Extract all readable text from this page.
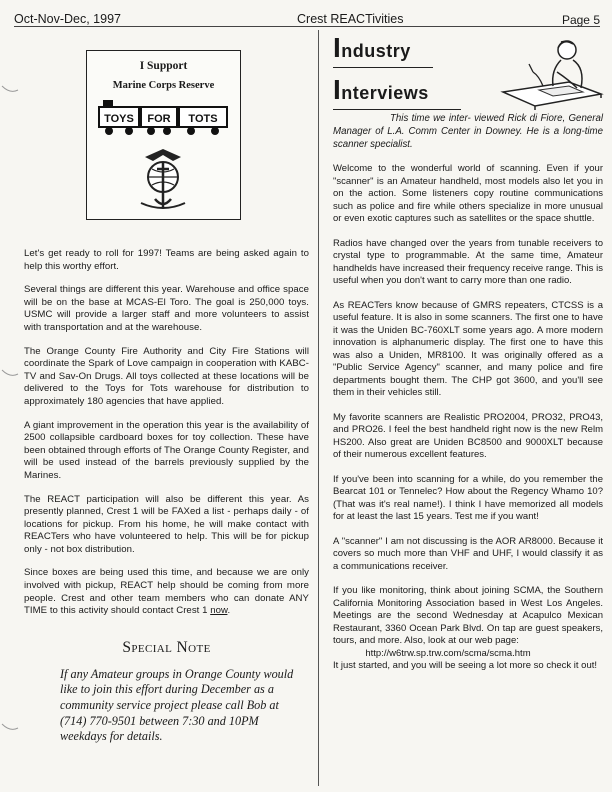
Oct-Nov-Dec, 1997	Crest REACTivities	Page 5
I Support
Marine Corps Reserve
TOYS FOR TOTS

Let's get ready to roll for 1997! Teams are being asked again to help this worthy effort.

Several things are different this year. Warehouse and office space will be on the base at MCAS-El Toro. The goal is 250,000 toys. USMC will provide a larger staff and more volunteers to assist with transportation and at the warehouse.

The Orange County Fire Authority and City Fire Stations will coordinate the Spark of Love campaign in cooperation with KABC-TV and Sav-On Drugs. All toys collected at these locations will be delivered to the Toys for Tots warehouse for distribution to approximately 180 agencies that have applied.

A giant improvement in the operation this year is the availability of 2500 collapsible cardboard boxes for toy collection. These have been obtained through efforts of The Orange County Register, and will be used instead of the barrels previously supplied by the Marines.

The REACT participation will also be different this year. As presently planned, Crest 1 will be FAXed a list - perhaps daily - of locations for pickup. From his home, he will make contact with REACTers who have volunteered to help. This will be for pickup only - not box distribution.

Since boxes are being used this time, and because we are only involved with pickup, REACT help should be coming from more people. Crest and other team members who can donate ANY TIME to this activity should contact Crest 1 now.

Special Note
If any Amateur groups in Orange County would like to join this effort during December as a community service project please call Bob at (714) 770-9501 between 7:30 and 10PM weekdays for details.
Industry
Interviews

This time we inter- viewed Rick di Fiore, General Manager of L.A. Comm Center in Downey. He is a long-time scanner specialist.

Welcome to the wonderful world of scanning. Even if your "scanner" is an Amateur handheld, most models also let you in on the action. Some listeners copy routine communications such as police and fire while others specialize in more unusual or even exotic captures such as satellites or the space shuttle.

Radios have changed over the years from tunable receivers to crystal type to programmable. At the same time, Amateur handhelds have increased their frequency receive range. This is useful when you don't want to carry more than one radio.

As REACTers know because of GMRS repeaters, CTCSS is a useful feature. It is also in some scanners. The first one to have it was the Uniden BC-760XLT some years ago. A more modern innovation is alphanumeric display. The first one to have this was also a Uniden, MR8100. It was originally offered as a "Public Service Agency" scanner, and many police and fire departments bought them. The CHP got 3600, and you'll see them in their vehicles still.

My favorite scanners are Realistic PRO2004, PRO32, PRO43, and PRO26. I feel the best handheld right now is the new Relm HS200. Also great are Uniden BC8500 and 9000XLT because of their numerous excellent features.

If you've been into scanning for a while, do you remember the Bearcat 101 or Tennelec? How about the Regency Whamo 10? (That was it's real name!). I think I have memorized all models for at least the last 15 years. Test me if you want!

A "scanner" I am not discussing is the AOR AR8000. Because it covers so much more than VHF and UHF, I would classify it as a communications receiver.

If you like monitoring, think about joining SCMA, the Southern California Monitoring Association based in West Los Angeles. Meetings are the second Wednesday at Acapulco Mexican Restaurant, 3360 Ocean Park Blvd. On tap are guest speakers, tours, and more. Also, look at our web page:

http://w6trw.sp.trw.com/scma/scma.htm

It just started, and you will be seeing a lot more so check it out!
